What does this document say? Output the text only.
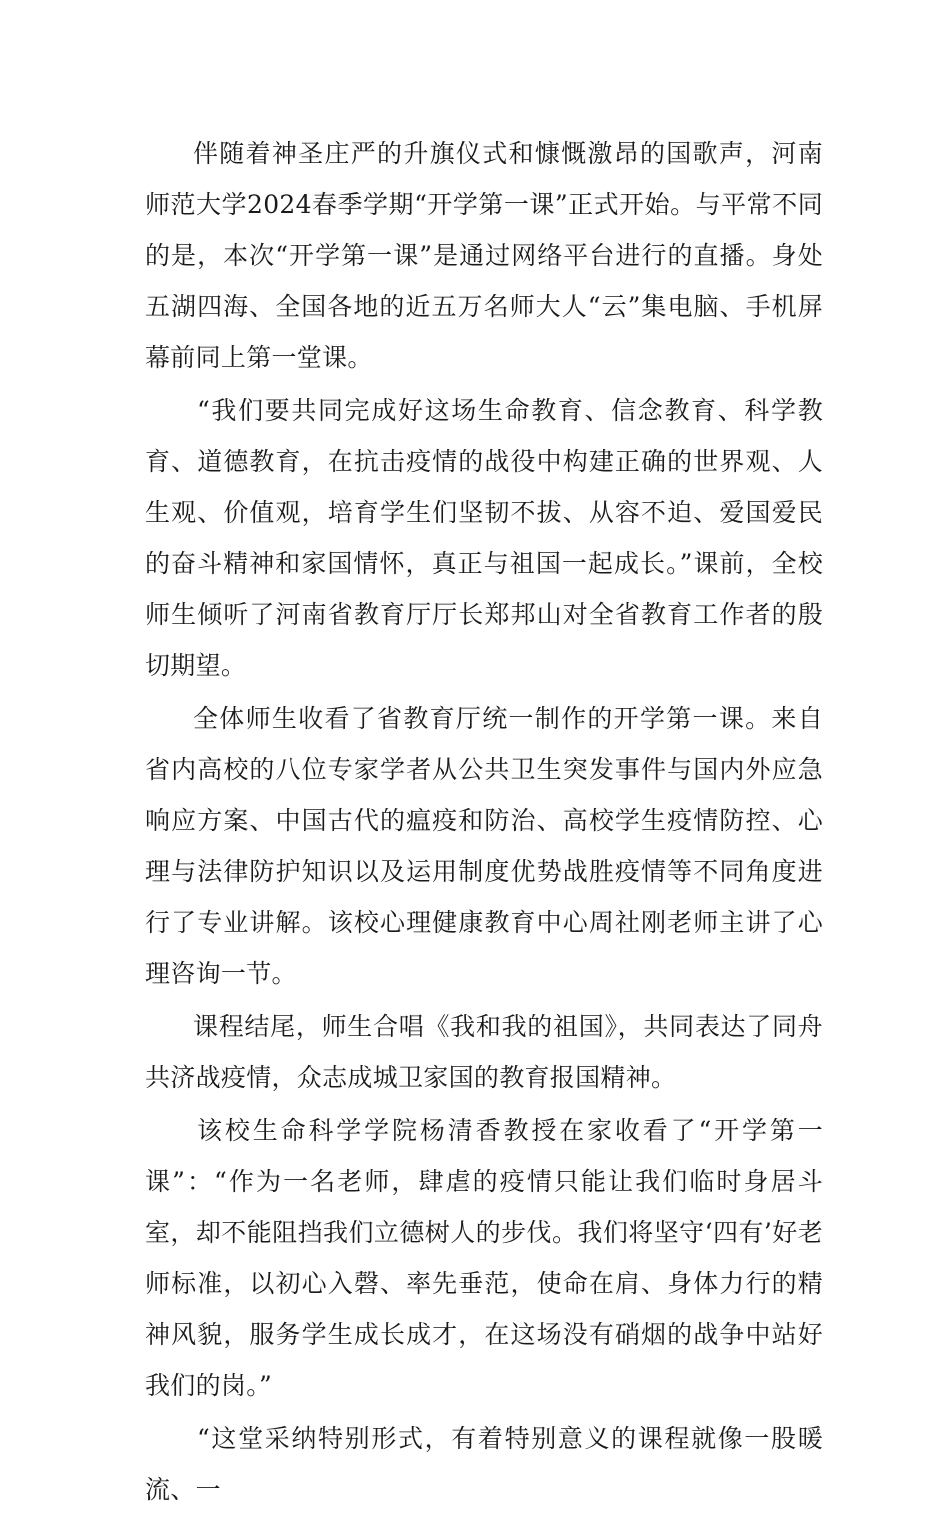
伴随着神圣庄严的升旗仪式和慷慨激昂的国歌声，河南师范大学2024春季学期“开学第一课”正式开始。与平常不同的是，本次“开学第一课”是通过网络平台进行的直播。身处五湖四海、全国各地的近五万名师大人“云”集电脑、手机屏幕前同上第一堂课。

“我们要共同完成好这场生命教育、信念教育、科学教育、道德教育，在抗击疫情的战役中构建正确的世界观、人生观、价值观，培育学生们坚韧不拔、从容不迫、爱国爱民的奋斗精神和家国情怀，真正与祖国一起成长。”课前，全校师生倾听了河南省教育厅厅长郑邦山对全省教育工作者的殷切期望。

全体师生收看了省教育厅统一制作的开学第一课。来自省内高校的八位专家学者从公共卫生突发事件与国内外应急响应方案、中国古代的瘟疫和防治、高校学生疫情防控、心理与法律防护知识以及运用制度优势战胜疫情等不同角度进行了专业讲解。该校心理健康教育中心周社刚老师主讲了心理咨询一节。

课程结尾，师生合唱《我和我的祖国》，共同表达了同舟共济战疫情，众志成城卫家国的教育报国精神。

该校生命科学学院杨清香教授在家收看了“开学第一课”：“作为一名老师，肆虐的疫情只能让我们临时身居斗室，却不能阻挡我们立德树人的步伐。我们将坚守‘四有’好老师标准，以初心入磬、率先垂范，使命在肩、身体力行的精神风貌，服务学生成长成才，在这场没有硝烟的战争中站好我们的岗。”

“这堂采纳特别形式，有着特别意义的课程就像一股暖流、一
